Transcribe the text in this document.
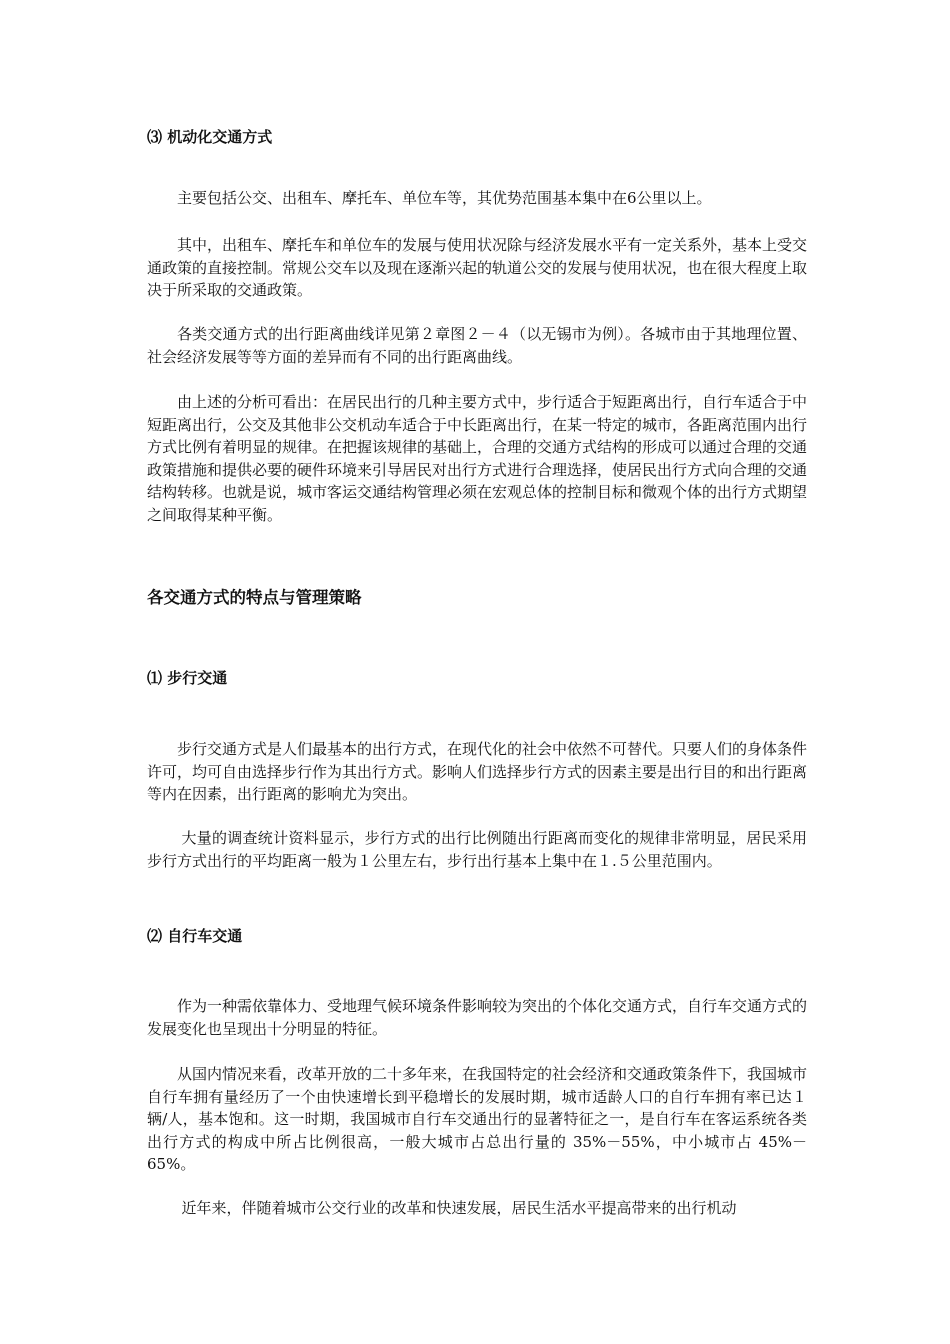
⑶ 机动化交通方式

主要包括公交、出租车、摩托车、单位车等，其优势范围基本集中在6公里以上。

其中，出租车、摩托车和单位车的发展与使用状况除与经济发展水平有一定关系外，基本上受交通政策的直接控制。常规公交车以及现在逐渐兴起的轨道公交的发展与使用状况，也在很大程度上取决于所采取的交通政策。

各类交通方式的出行距离曲线详见第２章图２－４（以无锡市为例）。各城市由于其地理位置、社会经济发展等等方面的差异而有不同的出行距离曲线。

由上述的分析可看出：在居民出行的几种主要方式中，步行适合于短距离出行，自行车适合于中短距离出行，公交及其他非公交机动车适合于中长距离出行，在某一特定的城市，各距离范围内出行方式比例有着明显的规律。在把握该规律的基础上，合理的交通方式结构的形成可以通过合理的交通政策措施和提供必要的硬件环境来引导居民对出行方式进行合理选择，使居民出行方式向合理的交通结构转移。也就是说，城市客运交通结构管理必须在宏观总体的控制目标和微观个体的出行方式期望之间取得某种平衡。

各交通方式的特点与管理策略
⑴ 步行交通

步行交通方式是人们最基本的出行方式，在现代化的社会中依然不可替代。只要人们的身体条件许可，均可自由选择步行作为其出行方式。影响人们选择步行方式的因素主要是出行目的和出行距离等内在因素，出行距离的影响尤为突出。

大量的调查统计资料显示，步行方式的出行比例随出行距离而变化的规律非常明显，居民采用步行方式出行的平均距离一般为１公里左右，步行出行基本上集中在１.５公里范围内。

⑵ 自行车交通

作为一种需依靠体力、受地理气候环境条件影响较为突出的个体化交通方式，自行车交通方式的发展变化也呈现出十分明显的特征。

从国内情况来看，改革开放的二十多年来，在我国特定的社会经济和交通政策条件下，我国城市自行车拥有量经历了一个由快速增长到平稳增长的发展时期，城市适龄人口的自行车拥有率已达１辆/人，基本饱和。这一时期，我国城市自行车交通出行的显著特征之一，是自行车在客运系统各类出行方式的构成中所占比例很高，一般大城市占总出行量的 35%－55%，中小城市占 45%－65%。

近年来，伴随着城市公交行业的改革和快速发展，居民生活水平提高带来的出行机动
